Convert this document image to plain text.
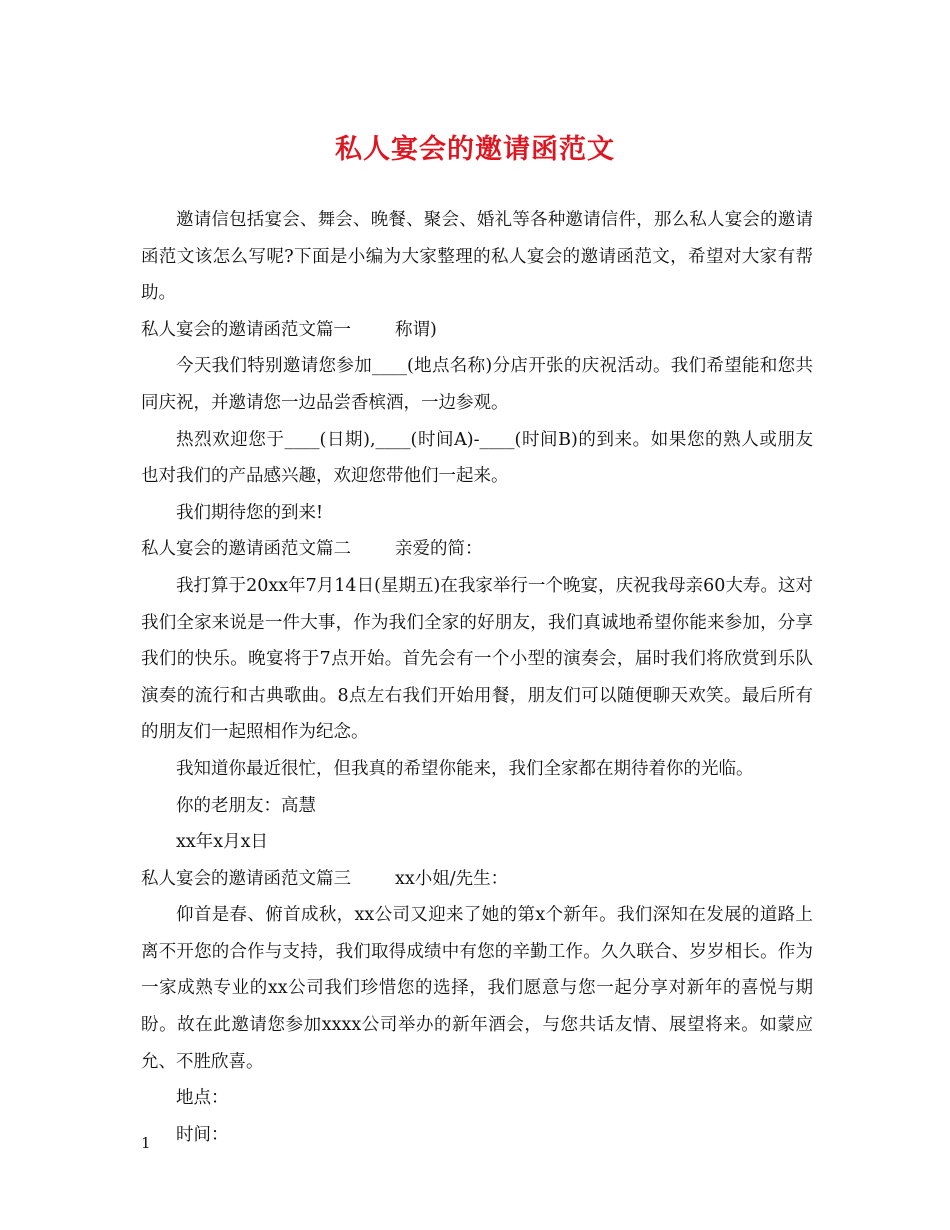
私人宴会的邀请函范文

邀请信包括宴会、舞会、晚餐、聚会、婚礼等各种邀请信件，那么私人宴会的邀请函范文该怎么写呢?下面是小编为大家整理的私人宴会的邀请函范文，希望对大家有帮助。

私人宴会的邀请函范文篇一	称谓)

今天我们特别邀请您参加____(地点名称)分店开张的庆祝活动。我们希望能和您共同庆祝，并邀请您一边品尝香槟酒，一边参观。

热烈欢迎您于____(日期),____(时间A)-____(时间B)的到来。如果您的熟人或朋友也对我们的产品感兴趣，欢迎您带他们一起来。

我们期待您的到来!

私人宴会的邀请函范文篇二	亲爱的简：

我打算于20xx年7月14日(星期五)在我家举行一个晚宴，庆祝我母亲60大寿。这对我们全家来说是一件大事，作为我们全家的好朋友，我们真诚地希望你能来参加，分享我们的快乐。晚宴将于7点开始。首先会有一个小型的演奏会，届时我们将欣赏到乐队演奏的流行和古典歌曲。8点左右我们开始用餐，朋友们可以随便聊天欢笑。最后所有的朋友们一起照相作为纪念。

我知道你最近很忙，但我真的希望你能来，我们全家都在期待着你的光临。

你的老朋友：高慧

xx年x月x日

私人宴会的邀请函范文篇三	xx小姐/先生：

仰首是春、俯首成秋，xx公司又迎来了她的第x个新年。我们深知在发展的道路上离不开您的合作与支持，我们取得成绩中有您的辛勤工作。久久联合、岁岁相长。作为一家成熟专业的xx公司我们珍惜您的选择，我们愿意与您一起分享对新年的喜悦与期盼。故在此邀请您参加xxxx公司举办的新年酒会，与您共话友情、展望将来。如蒙应允、不胜欣喜。

地点：

时间：

1
